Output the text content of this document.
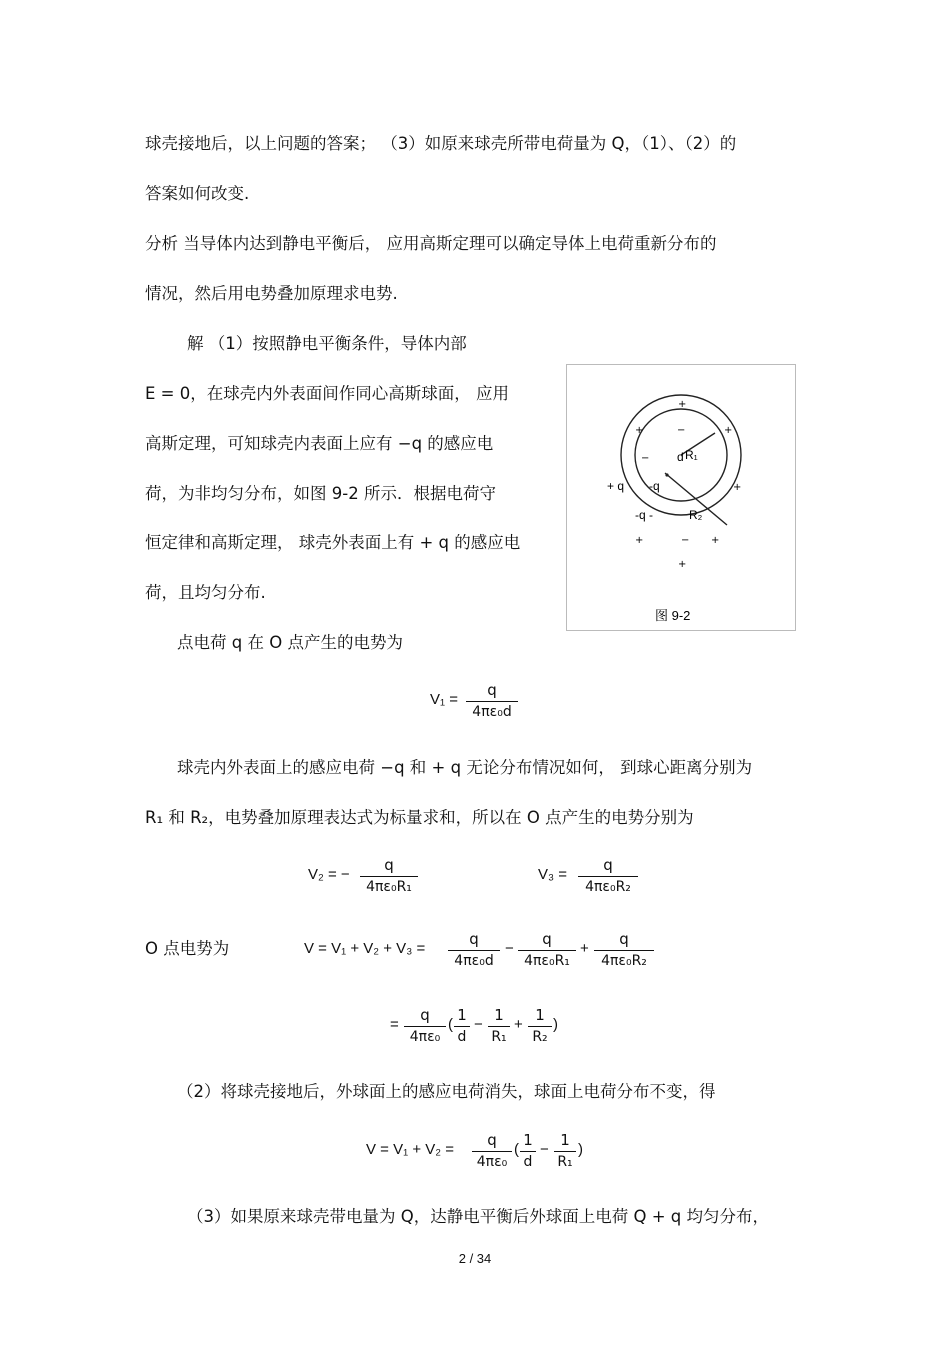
球壳接地后，以上问题的答案； （3）如原来球壳所带电荷量为 Q，（1）、（2）的
答案如何改变.
分析 当导体内达到静电平衡后， 应用高斯定理可以确定导体上电荷重新分布的
情况，然后用电势叠加原理求电势.
解 （1）按照静电平衡条件，导体内部
E = 0，在球壳内外表面间作同心高斯球面， 应用
高斯定理，可知球壳内表面上应有 −q 的感应电
荷，为非均匀分布，如图 9-2 所示．根据电荷守
恒定律和高斯定理， 球壳外表面上有 + q 的感应电
荷，且均匀分布.
点电荷 q 在 O 点产生的电势为
d R₁
R₂
+ q -q
-q -
+
+	+
+
+	+
+
−
−
−
图 9-2
V₁ =
q
4πε₀d
球壳内外表面上的感应电荷 −q 和 + q 无论分布情况如何， 到球心距离分别为
R₁ 和 R₂，电势叠加原理表达式为标量求和，所以在 O 点产生的电势分别为
V₂ = −
q
4πε₀R₁
V₃ =
q
4πε₀R₂
O 点电势为	V = V₁ + V₂ + V₃ =
q
4πε₀d
−
q
4πε₀R₁
+
q
4πε₀R₂
=
q
4πε₀
(
1
d
−
1
R₁
+
1
R₂
)
（2）将球壳接地后，外球面上的感应电荷消失，球面上电荷分布不变，得
V = V₁ + V₂ =
q
4πε₀
(
1
d
−
1
R₁
)
（3）如果原来球壳带电量为 Q，达静电平衡后外球面上电荷 Q + q 均匀分布，
2 / 34
